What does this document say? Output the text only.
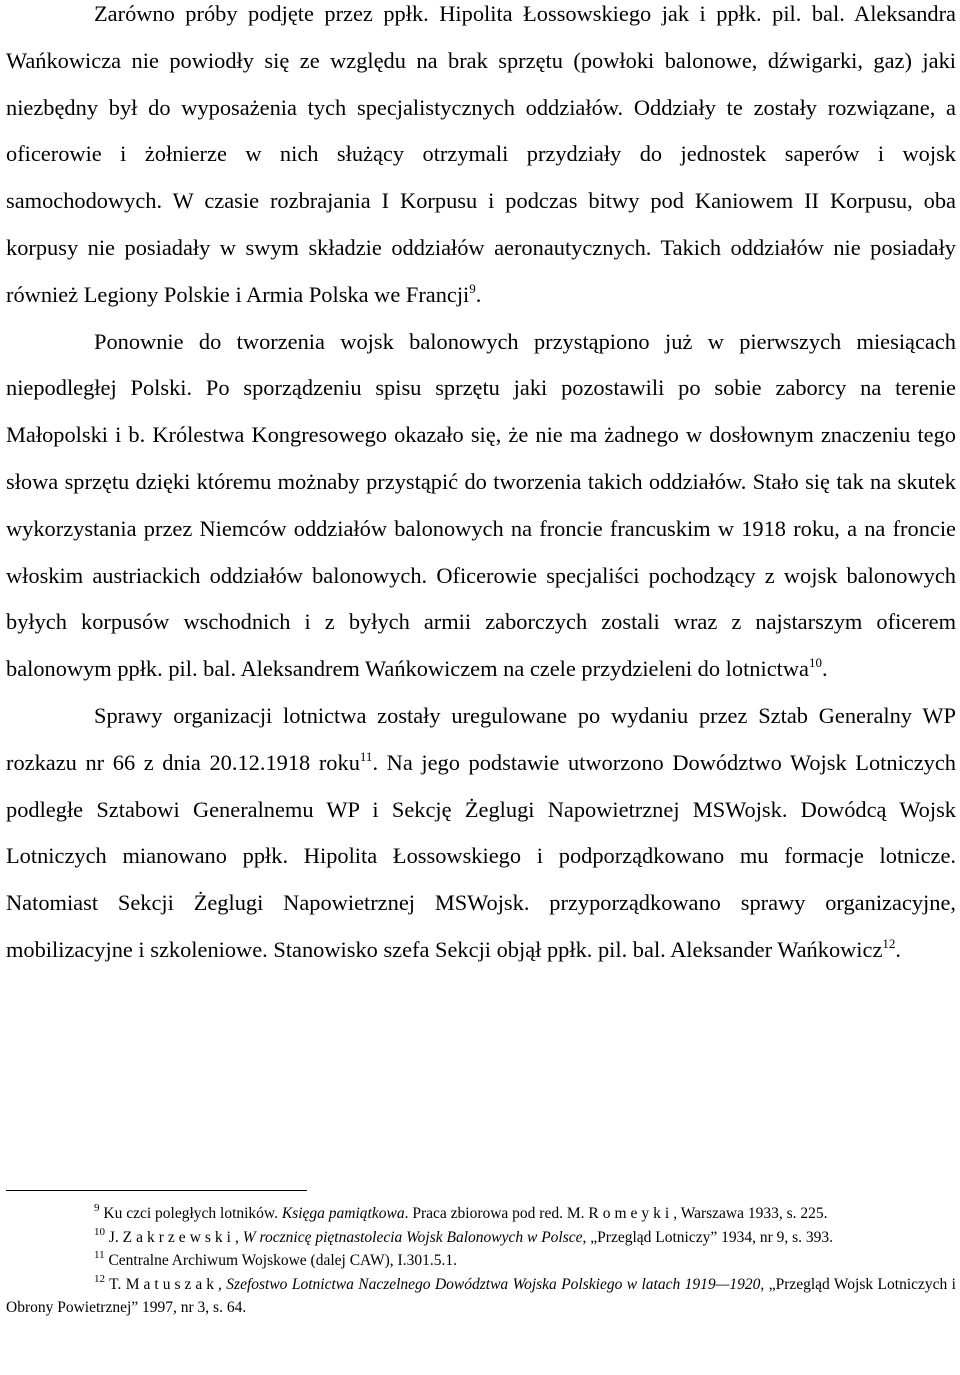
Zarówno próby podjęte przez ppłk. Hipolita Łossowskiego jak i ppłk. pil. bal. Aleksandra Wańkowicza nie powiodły się ze względu na brak sprzętu (powłoki balonowe, dźwigarki, gaz) jaki niezbędny był do wyposażenia tych specjalistycznych oddziałów. Oddziały te zostały rozwiązane, a oficerowie i żołnierze w nich służący otrzymali przydziały do jednostek saperów i wojsk samochodowych. W czasie rozbrajania I Korpusu i podczas bitwy pod Kaniowem II Korpusu, oba korpusy nie posiadały w swym składzie oddziałów aeronautycznych. Takich oddziałów nie posiadały również Legiony Polskie i Armia Polska we Francji$^9$.

Ponownie do tworzenia wojsk balonowych przystąpiono już w pierwszych miesiącach niepodległej Polski. Po sporządzeniu spisu sprzętu jaki pozostawili po sobie zaborcy na terenie Małopolski i b. Królestwa Kongresowego okazało się, że nie ma żadnego w dosłownym znaczeniu tego słowa sprzętu dzięki któremu możnaby przystąpić do tworzenia takich oddziałów. Stało się tak na skutek wykorzystania przez Niemców oddziałów balonowych na froncie francuskim w 1918 roku, a na froncie włoskim austriackich oddziałów balonowych. Oficerowie specjaliści pochodzący z wojsk balonowych byłych korpusów wschodnich i z byłych armii zaborczych zostali wraz z najstarszym oficerem balonowym ppłk. pil. bal. Aleksandrem Wańkowiczem na czele przydzieleni do lotnictwa$^{10}$.

Sprawy organizacji lotnictwa zostały uregulowane po wydaniu przez Sztab Generalny WP rozkazu nr 66 z dnia 20.12.1918 roku$^{11}$. Na jego podstawie utworzono Dowództwo Wojsk Lotniczych podległe Sztabowi Generalnemu WP i Sekcję Żeglugi Napowietrznej MSWojsk. Dowódcą Wojsk Lotniczych mianowano ppłk. Hipolita Łossowskiego i podporządkowano mu formacje lotnicze. Natomiast Sekcji Żeglugi Napowietrznej MSWojsk. przyporządkowano sprawy organizacyjne, mobilizacyjne i szkoleniowe. Stanowisko szefa Sekcji objął ppłk. pil. bal. Aleksander Wańkowicz$^{12}$.

$^9$ Ku czci poległych lotników. Księga pamiątkowa. Praca zbiorowa pod red. M. Romeyki, Warszawa 1933, s. 225.

$^{10}$ J. Zakrzewski, W rocznicę piętnastolecia Wojsk Balonowych w Polsce, „Przegląd Lotniczy” 1934, nr 9, s. 393.

$^{11}$ Centralne Archiwum Wojskowe (dalej CAW), I.301.5.1.

$^{12}$ T. Matuszak, Szefostwo Lotnictwa Naczelnego Dowództwa Wojska Polskiego w latach 1919—1920, „Przegląd Wojsk Lotniczych i Obrony Powietrznej” 1997, nr 3, s. 64.
